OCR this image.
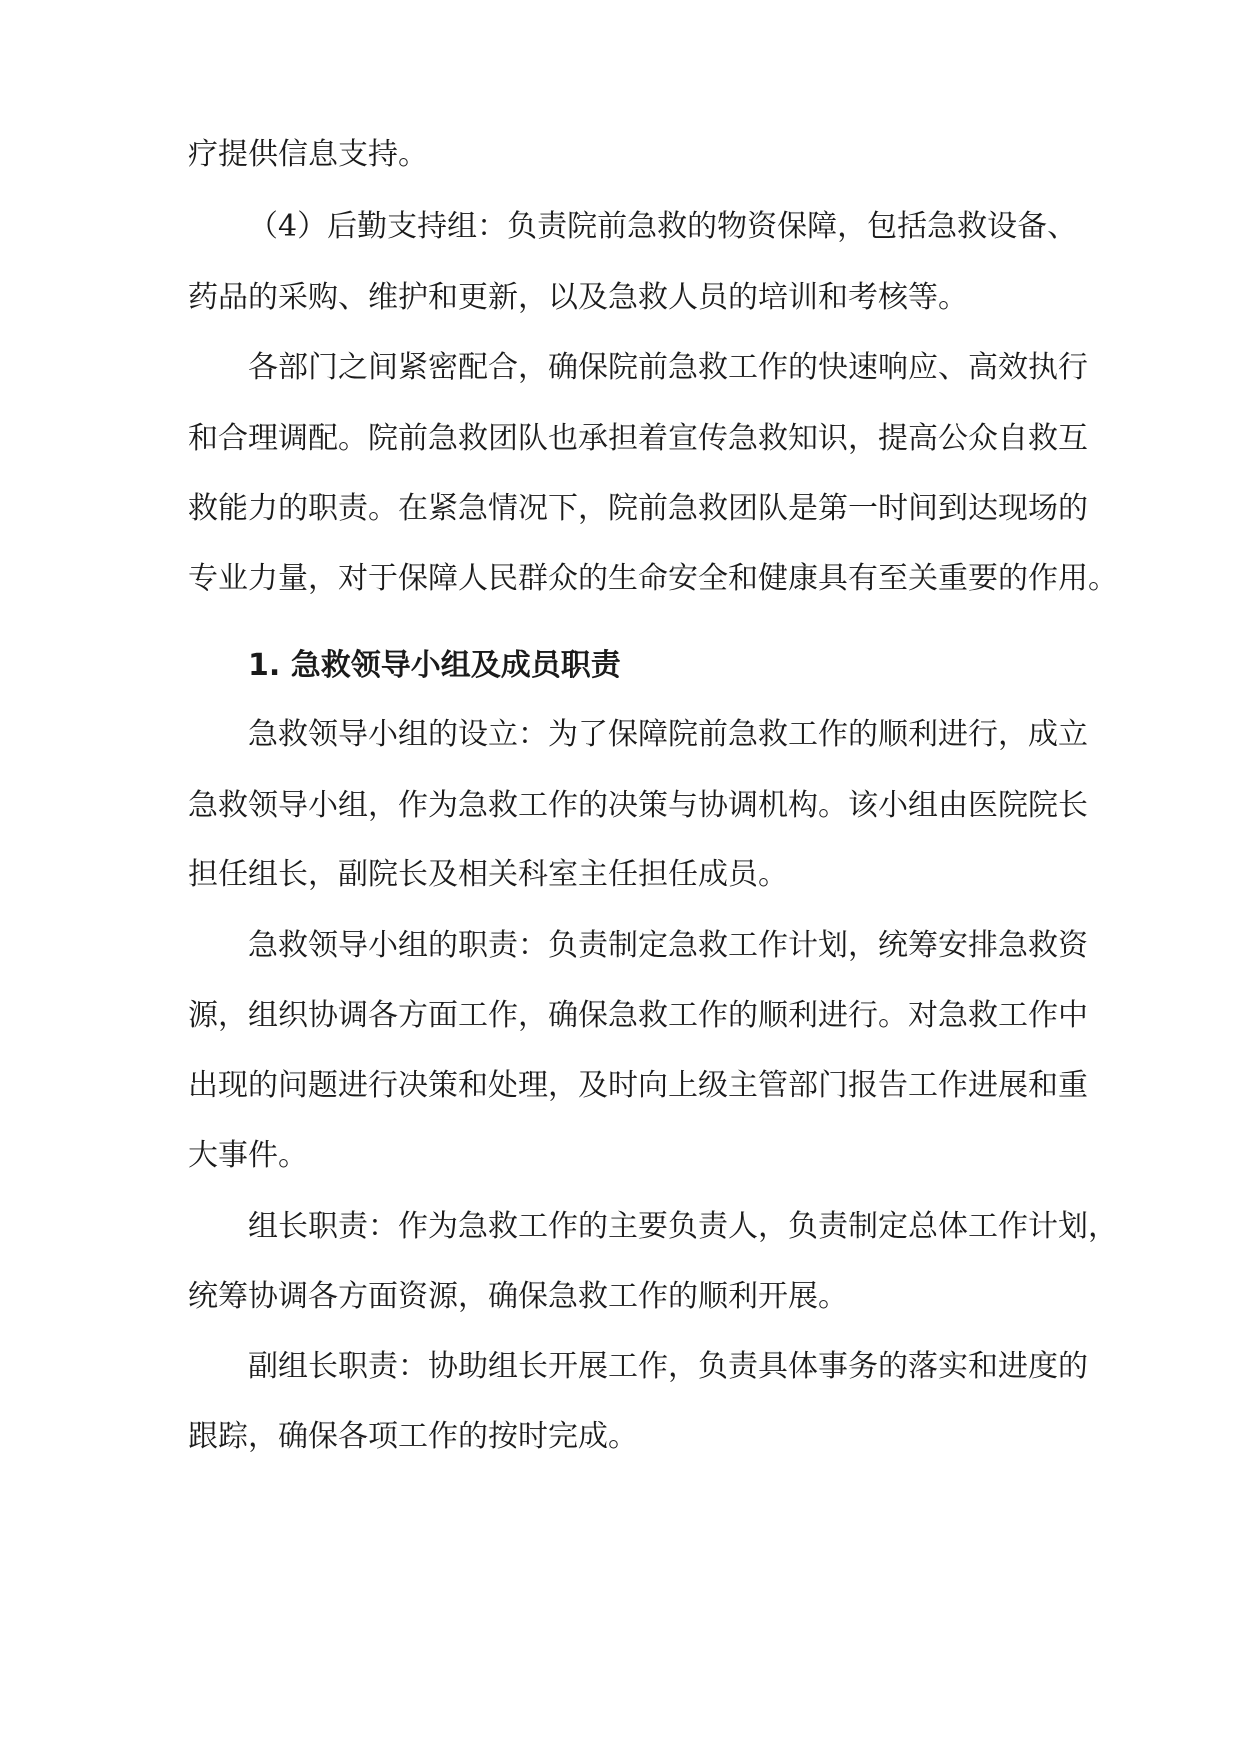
疗提供信息支持。
（4）后勤支持组：负责院前急救的物资保障，包括急救设备、
药品的采购、维护和更新，以及急救人员的培训和考核等。
各部门之间紧密配合，确保院前急救工作的快速响应、高效执行
和合理调配。院前急救团队也承担着宣传急救知识，提高公众自救互
救能力的职责。在紧急情况下，院前急救团队是第一时间到达现场的
专业力量，对于保障人民群众的生命安全和健康具有至关重要的作用。
1. 急救领导小组及成员职责
急救领导小组的设立：为了保障院前急救工作的顺利进行，成立
急救领导小组，作为急救工作的决策与协调机构。该小组由医院院长
担任组长，副院长及相关科室主任担任成员。
急救领导小组的职责：负责制定急救工作计划，统筹安排急救资
源，组织协调各方面工作，确保急救工作的顺利进行。对急救工作中
出现的问题进行决策和处理，及时向上级主管部门报告工作进展和重
大事件。
组长职责：作为急救工作的主要负责人，负责制定总体工作计划，
统筹协调各方面资源，确保急救工作的顺利开展。
副组长职责：协助组长开展工作，负责具体事务的落实和进度的
跟踪，确保各项工作的按时完成。
